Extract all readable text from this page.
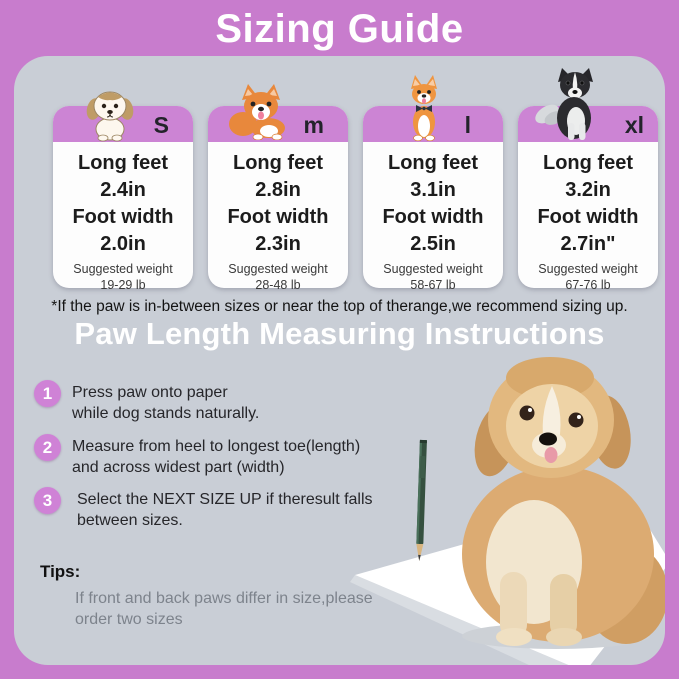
Sizing Guide
S
Long feet
2.4in
Foot width
2.0in
Suggested weight
19-29 lb
m
Long feet
2.8in
Foot width
2.3in
Suggested weight
28-48 lb
l
Long feet
3.1in
Foot width
2.5in
Suggested weight
58-67 lb
xl
Long feet
3.2in
Foot width
2.7in"
Suggested weight
67-76 lb
*If the paw is in-between sizes or near the top of therange,we recommend sizing up.
Paw Length Measuring Instructions
1	Press paw onto paper
while dog stands naturally.
2	Measure from heel to longest toe(length)
and across widest part (width)
3	Select the NEXT SIZE UP if theresult falls
between sizes.
Tips:
If front and back paws differ in size,please
order two sizes
